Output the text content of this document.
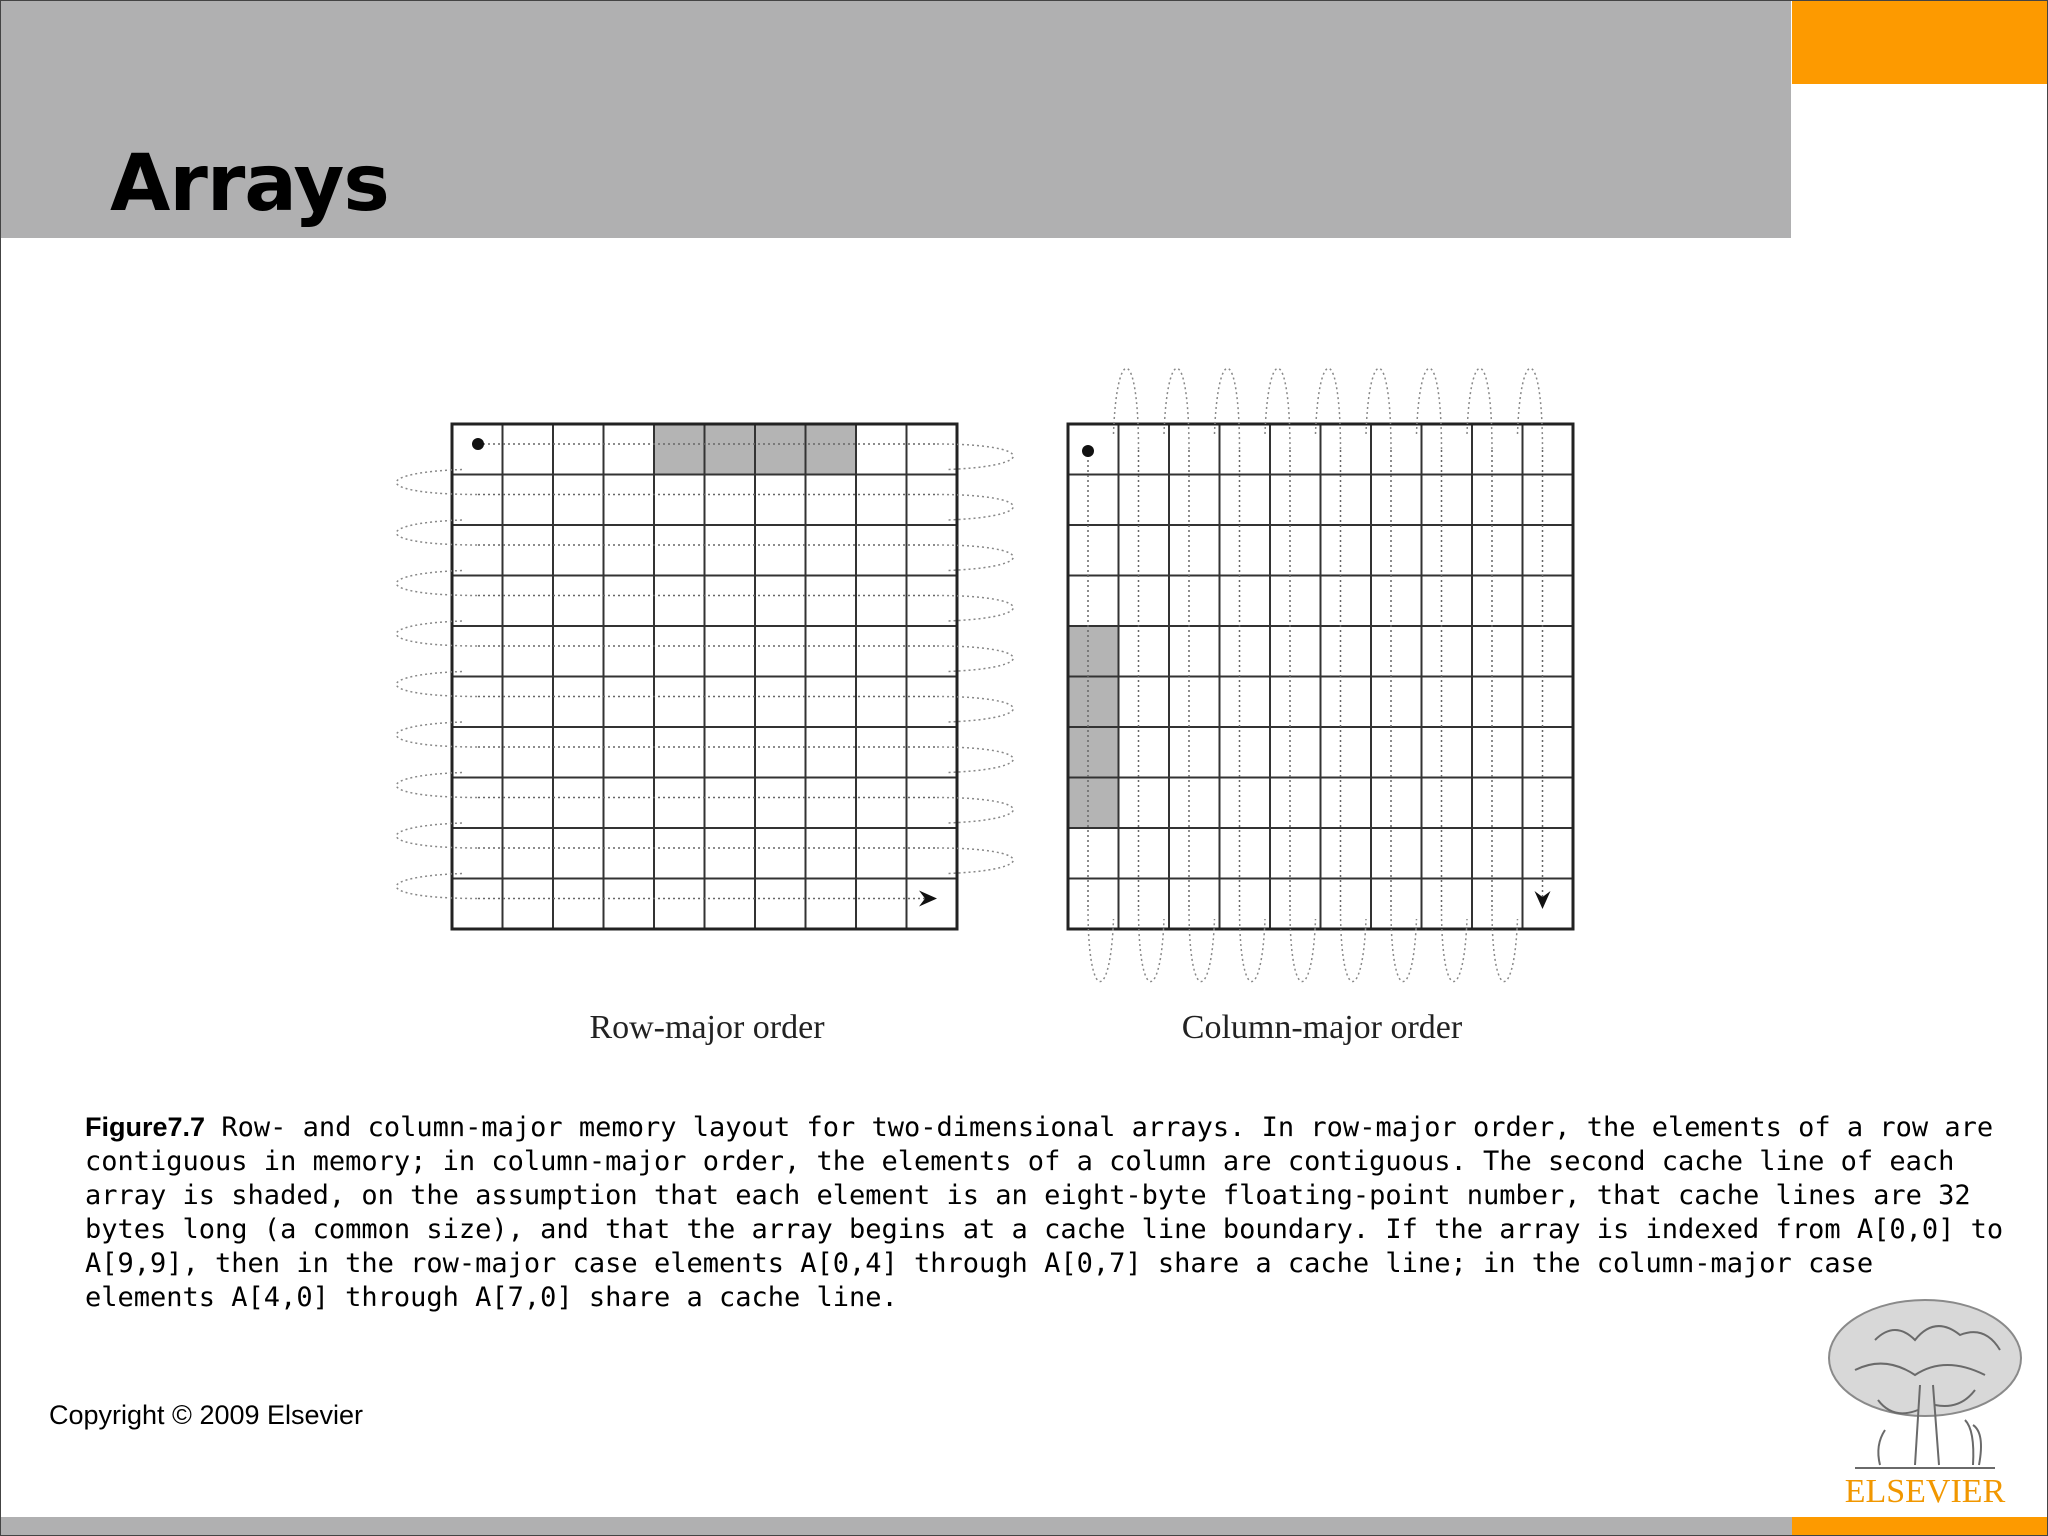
Arrays
Row-major order	Column-major order

Figure7.7 Row- and column-major memory layout for two-dimensional arrays. In row-major order, the elements of a row are contiguous in memory; in column-major order, the elements of a column are contiguous. The second cache line of each array is shaded, on the assumption that each element is an eight-byte floating-point number, that cache lines are 32 bytes long (a common size), and that the array begins at a cache line boundary. If the array is indexed from A[0,0] to A[9,9], then in the row-major case elements A[0,4] through A[0,7] share a cache line; in the column-major case elements A[4,0] through A[7,0] share a cache line.

Copyright © 2009 Elsevier

ELSEVIER
